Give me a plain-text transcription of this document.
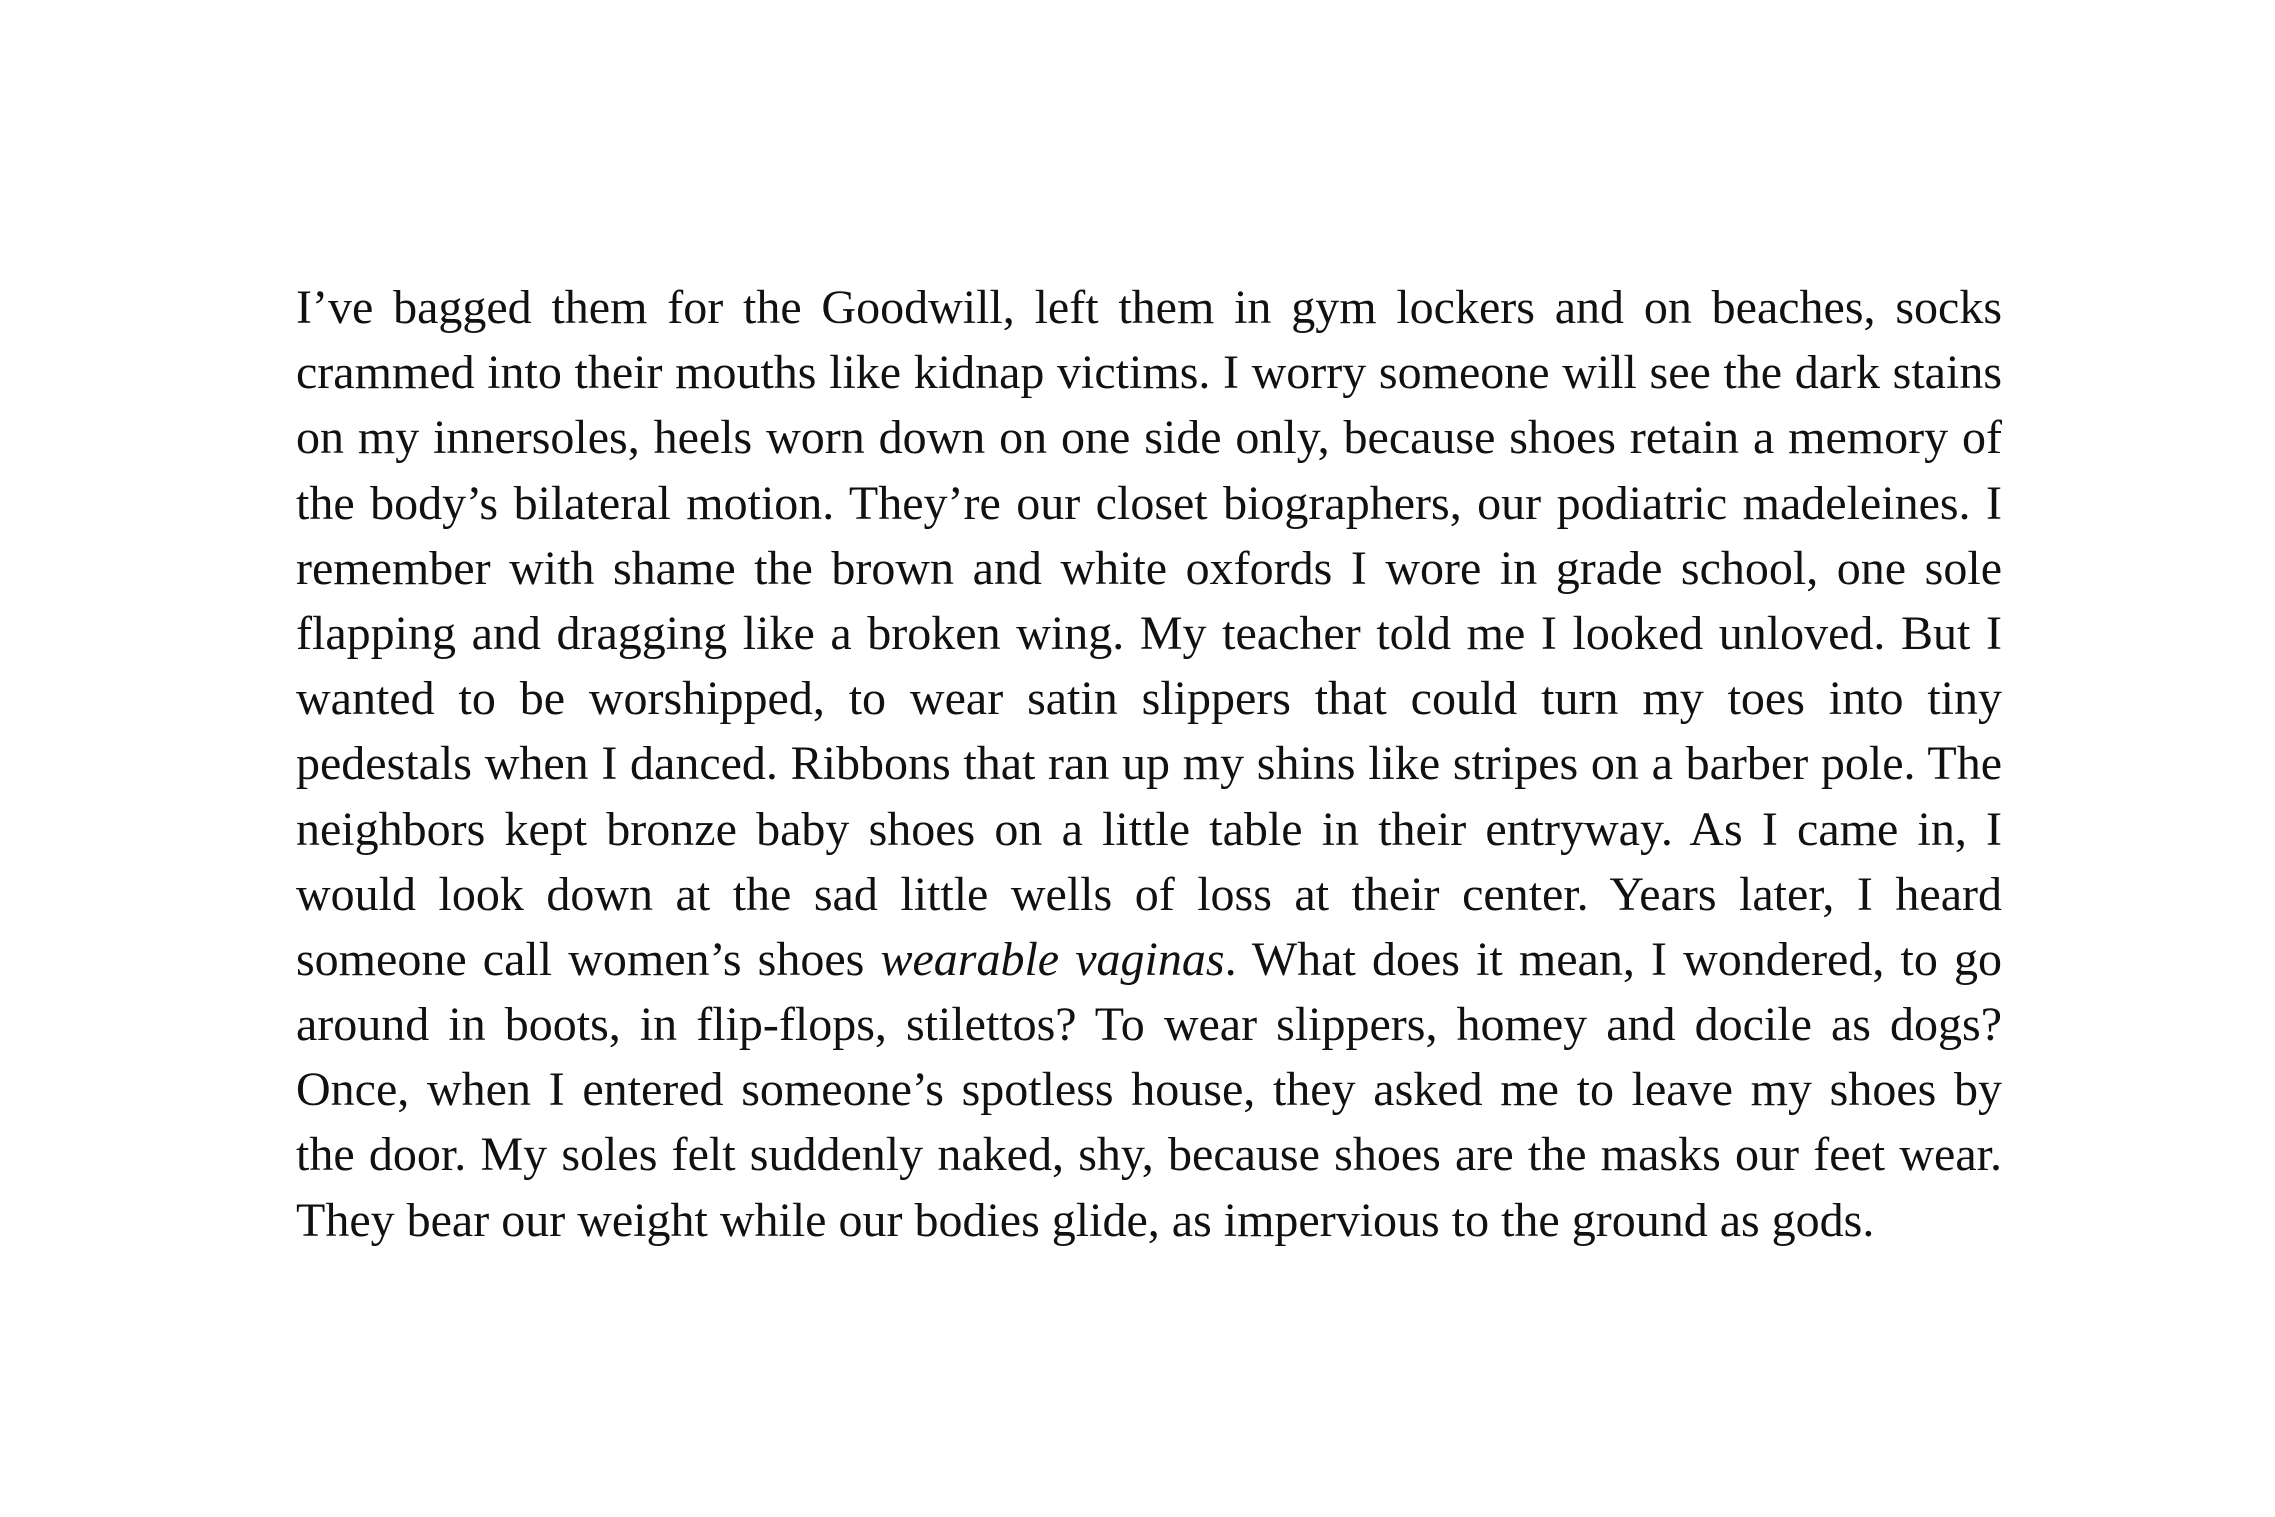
I’ve bagged them for the Goodwill, left them in gym lockers and on beaches, socks
crammed into their mouths like kidnap victims. I worry someone will see the dark stains
on my innersoles, heels worn down on one side only, because shoes retain a memory of
the body’s bilateral motion. They’re our closet biographers, our podiatric madeleines. I
remember with shame the brown and white oxfords I wore in grade school, one sole
flapping and dragging like a broken wing. My teacher told me I looked unloved. But I
wanted to be worshipped, to wear satin slippers that could turn my toes into tiny
pedestals when I danced. Ribbons that ran up my shins like stripes on a barber pole. The
neighbors kept bronze baby shoes on a little table in their entryway. As I came in, I
would look down at the sad little wells of loss at their center. Years later, I heard
someone call women’s shoes wearable vaginas. What does it mean, I wondered, to go
around in boots, in flip-flops, stilettos? To wear slippers, homey and docile as dogs?
Once, when I entered someone’s spotless house, they asked me to leave my shoes by
the door. My soles felt suddenly naked, shy, because shoes are the masks our feet wear.
They bear our weight while our bodies glide, as impervious to the ground as gods.
